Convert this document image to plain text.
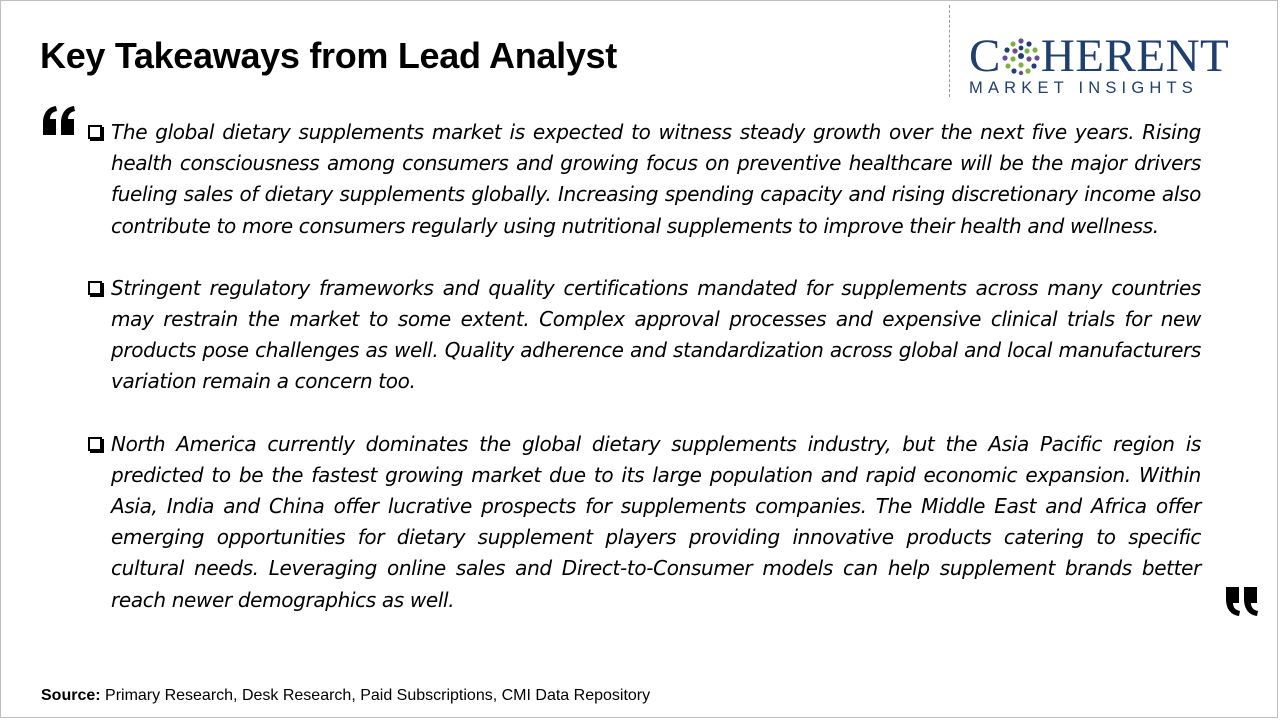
Key Takeaways from Lead Analyst	C HERENT
MARKET INSIGHTS
The global dietary supplements market is expected to witness steady growth over the next five years. Rising health consciousness among consumers and growing focus on preventive healthcare will be the major drivers fueling sales of dietary supplements globally. Increasing spending capacity and rising discretionary income also contribute to more consumers regularly using nutritional supplements to improve their health and wellness.
Stringent regulatory frameworks and quality certifications mandated for supplements across many countries may restrain the market to some extent. Complex approval processes and expensive clinical trials for new products pose challenges as well. Quality adherence and standardization across global and local manufacturers variation remain a concern too.
North America currently dominates the global dietary supplements industry, but the Asia Pacific region is predicted to be the fastest growing market due to its large population and rapid economic expansion. Within Asia, India and China offer lucrative prospects for supplements companies. The Middle East and Africa offer emerging opportunities for dietary supplement players providing innovative products catering to specific cultural needs. Leveraging online sales and Direct-to-Consumer models can help supplement brands better reach newer demographics as well.
Source: Primary Research, Desk Research, Paid Subscriptions, CMI Data Repository
